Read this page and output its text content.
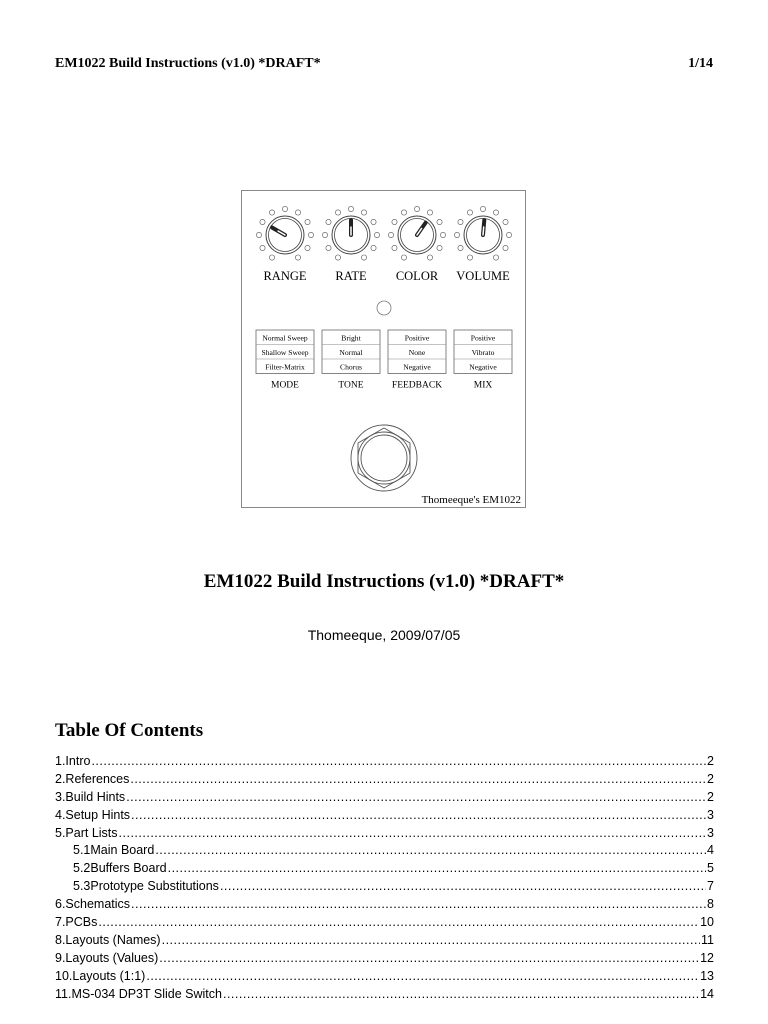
EM1022 Build Instructions (v1.0) *DRAFT*	1/14
RANGE RATE COLOR VOLUME
Normal Sweep
Shallow Sweep
Filter-Matrix
MODE
Bright
Normal
Chorus
TONE
Positive
None
Negative
FEEDBACK
Positive
Vibrato
Negative
MIX
Thomeeque's EM1022
EM1022 Build Instructions (v1.0) *DRAFT*
Thomeeque, 2009/07/05
Table Of Contents
1.Intro .....	2
2.References .....	2
3.Build Hints .....	2
4.Setup Hints .....	3
5.Part Lists .....	3
5.1Main Board .....	4
5.2Buffers Board .....	5
5.3Prototype Substitutions .....	7
6.Schematics .....	8
7.PCBs .....	10
8.Layouts (Names) .....	11
9.Layouts (Values) .....	12
10.Layouts (1:1) .....	13
11.MS-034 DP3T Slide Switch .....	14
